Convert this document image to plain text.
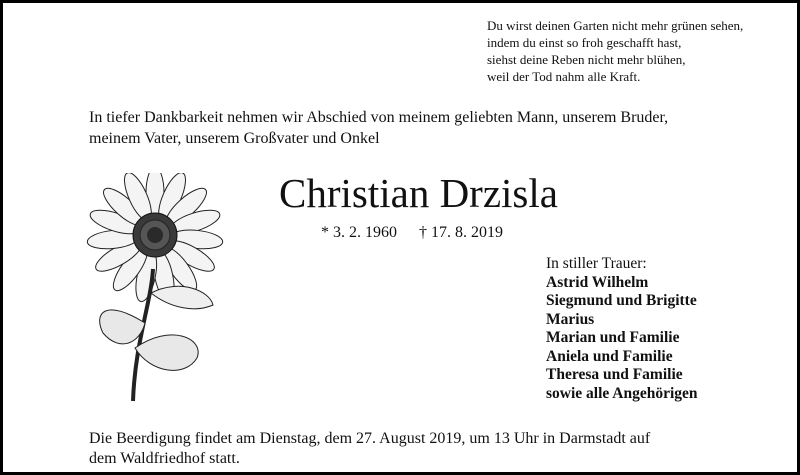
Du wirst deinen Garten nicht mehr grünen sehen,
indem du einst so froh geschafft hast,
siehst deine Reben nicht mehr blühen,
weil der Tod nahm alle Kraft.
In tiefer Dankbarkeit nehmen wir Abschied von meinem geliebten Mann, unserem Bruder,
meinem Vater, unserem Großvater und Onkel
Christian Drzisla
* 3. 2. 1960 † 17. 8. 2019
In stiller Trauer:
Astrid Wilhelm
Siegmund und Brigitte
Marius
Marian und Familie
Aniela und Familie
Theresa und Familie
sowie alle Angehörigen
Die Beerdigung findet am Dienstag, dem 27. August 2019, um 13 Uhr in Darmstadt auf
dem Waldfriedhof statt.
